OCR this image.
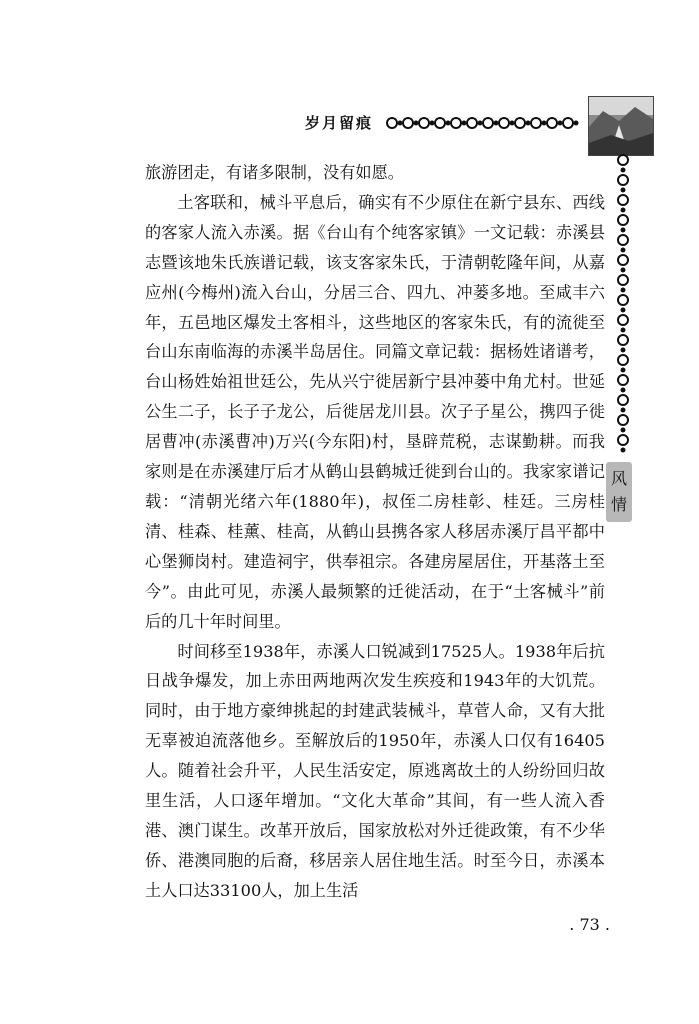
岁月留痕
风
情

旅游团走，有诸多限制，没有如愿。

土客联和，械斗平息后，确实有不少原住在新宁县东、西线的客家人流入赤溪。据《台山有个纯客家镇》一文记载：赤溪县志暨该地朱氏族谱记载，该支客家朱氏，于清朝乾隆年间，从嘉应州(今梅州)流入台山，分居三合、四九、冲蒌多地。至咸丰六年，五邑地区爆发土客相斗，这些地区的客家朱氏，有的流徙至台山东南临海的赤溪半岛居住。同篇文章记载：据杨姓诸谱考，台山杨姓始祖世廷公，先从兴宁徙居新宁县冲蒌中角尤村。世延公生二子，长子子龙公，后徙居龙川县。次子子星公，携四子徙居曹冲(赤溪曹冲)万兴(今东阳)村，垦辟荒税，志谋勤耕。而我家则是在赤溪建厅后才从鹤山县鹤城迁徙到台山的。我家家谱记载：“清朝光绪六年(1880年)，叔侄二房桂彰、桂廷。三房桂清、桂森、桂薰、桂高，从鹤山县携各家人移居赤溪厅昌平都中心堡狮岗村。建造祠宇，供奉祖宗。各建房屋居住，开基落土至今”。由此可见，赤溪人最频繁的迁徙活动，在于“土客械斗”前后的几十年时间里。

时间移至1938年，赤溪人口锐减到17525人。1938年后抗日战争爆发，加上赤田两地两次发生疾疫和1943年的大饥荒。同时，由于地方豪绅挑起的封建武装械斗，草菅人命，又有大批无辜被迫流落他乡。至解放后的1950年，赤溪人口仅有16405人。随着社会升平，人民生活安定，原逃离故土的人纷纷回归故里生活，人口逐年增加。“文化大革命”其间，有一些人流入香港、澳门谋生。改革开放后，国家放松对外迁徙政策，有不少华侨、港澳同胞的后裔，移居亲人居住地生活。时至今日，赤溪本土人口达33100人，加上生活

. 73 .
